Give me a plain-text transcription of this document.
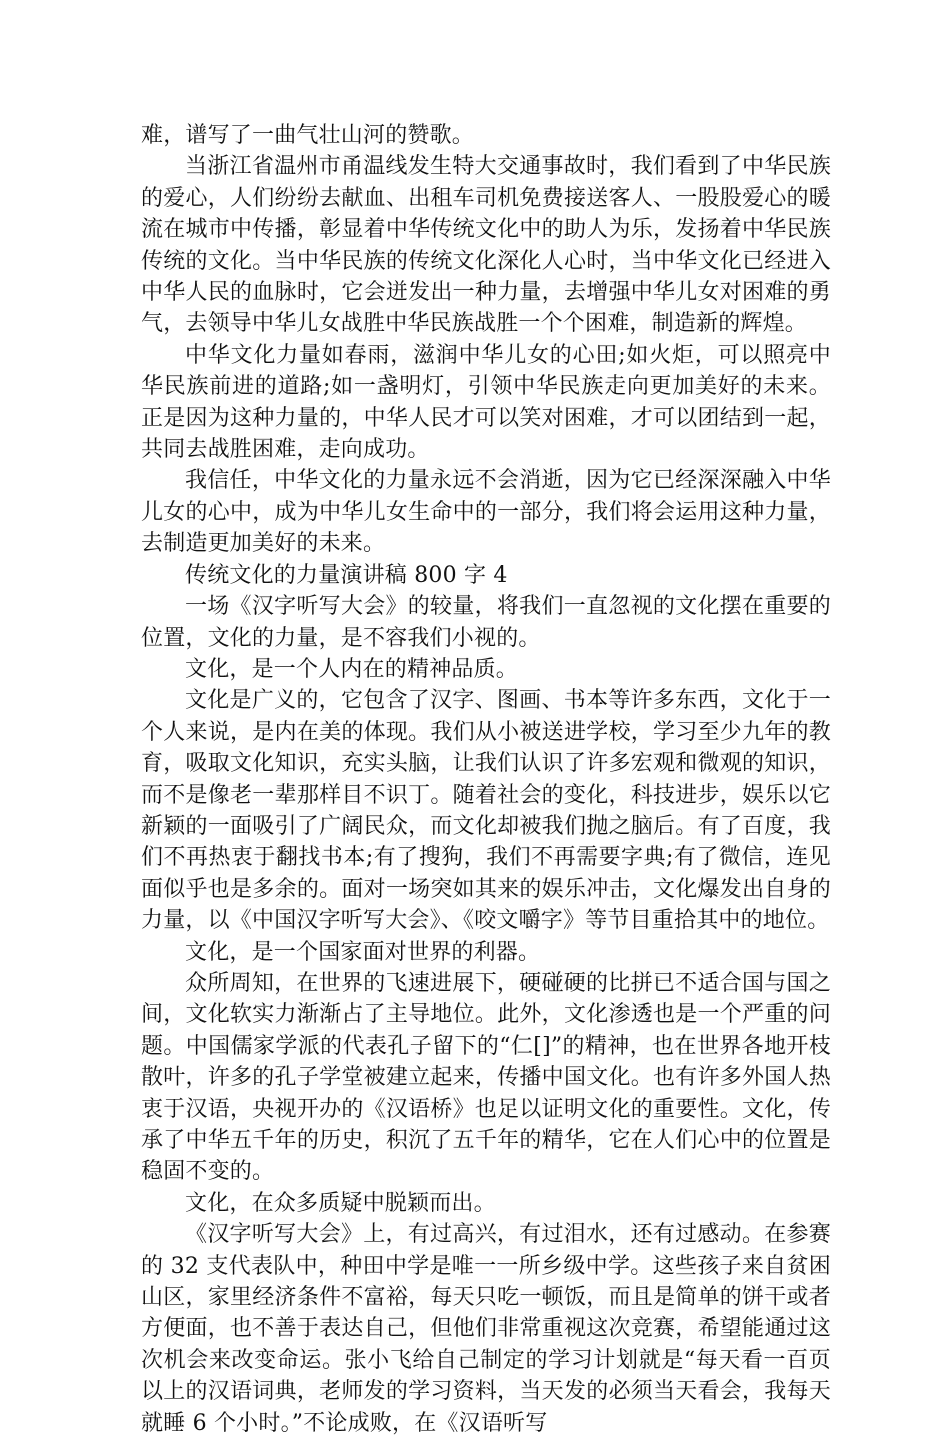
难，谱写了一曲气壮山河的赞歌。

当浙江省温州市甬温线发生特大交通事故时，我们看到了中华民族的爱心，人们纷纷去献血、出租车司机免费接送客人、一股股爱心的暖流在城市中传播，彰显着中华传统文化中的助人为乐，发扬着中华民族传统的文化。当中华民族的传统文化深化人心时，当中华文化已经进入中华人民的血脉时，它会迸发出一种力量，去增强中华儿女对困难的勇气，去领导中华儿女战胜中华民族战胜一个个困难，制造新的辉煌。

中华文化力量如春雨，滋润中华儿女的心田;如火炬，可以照亮中华民族前进的道路;如一盏明灯，引领中华民族走向更加美好的未来。正是因为这种力量的，中华人民才可以笑对困难，才可以团结到一起，共同去战胜困难，走向成功。

我信任，中华文化的力量永远不会消逝，因为它已经深深融入中华儿女的心中，成为中华儿女生命中的一部分，我们将会运用这种力量，去制造更加美好的未来。

传统文化的力量演讲稿 800 字 4

一场《汉字听写大会》的较量，将我们一直忽视的文化摆在重要的位置，文化的力量，是不容我们小视的。

文化，是一个人内在的精神品质。

文化是广义的，它包含了汉字、图画、书本等许多东西，文化于一个人来说，是内在美的体现。我们从小被送进学校，学习至少九年的教育，吸取文化知识，充实头脑，让我们认识了许多宏观和微观的知识，而不是像老一辈那样目不识丁。随着社会的变化，科技进步，娱乐以它新颖的一面吸引了广阔民众，而文化却被我们抛之脑后。有了百度，我们不再热衷于翻找书本;有了搜狗，我们不再需要字典;有了微信，连见面似乎也是多余的。面对一场突如其来的娱乐冲击，文化爆发出自身的力量，以《中国汉字听写大会》、《咬文嚼字》等节目重拾其中的地位。

文化，是一个国家面对世界的利器。

众所周知，在世界的飞速进展下，硬碰硬的比拼已不适合国与国之间，文化软实力渐渐占了主导地位。此外，文化渗透也是一个严重的问题。中国儒家学派的代表孔子留下的“仁[]”的精神，也在世界各地开枝散叶，许多的孔子学堂被建立起来，传播中国文化。也有许多外国人热衷于汉语，央视开办的《汉语桥》也足以证明文化的重要性。文化，传承了中华五千年的历史，积沉了五千年的精华，它在人们心中的位置是稳固不变的。

文化，在众多质疑中脱颖而出。

《汉字听写大会》上，有过高兴，有过泪水，还有过感动。在参赛的 32 支代表队中，种田中学是唯一一所乡级中学。这些孩子来自贫困山区，家里经济条件不富裕，每天只吃一顿饭，而且是简单的饼干或者方便面，也不善于表达自己，但他们非常重视这次竞赛，希望能通过这次机会来改变命运。张小飞给自己制定的学习计划就是“每天看一百页以上的汉语词典，老师发的学习资料，当天发的必须当天看会，我每天就睡 6 个小时。”不论成败，在《汉语听写
